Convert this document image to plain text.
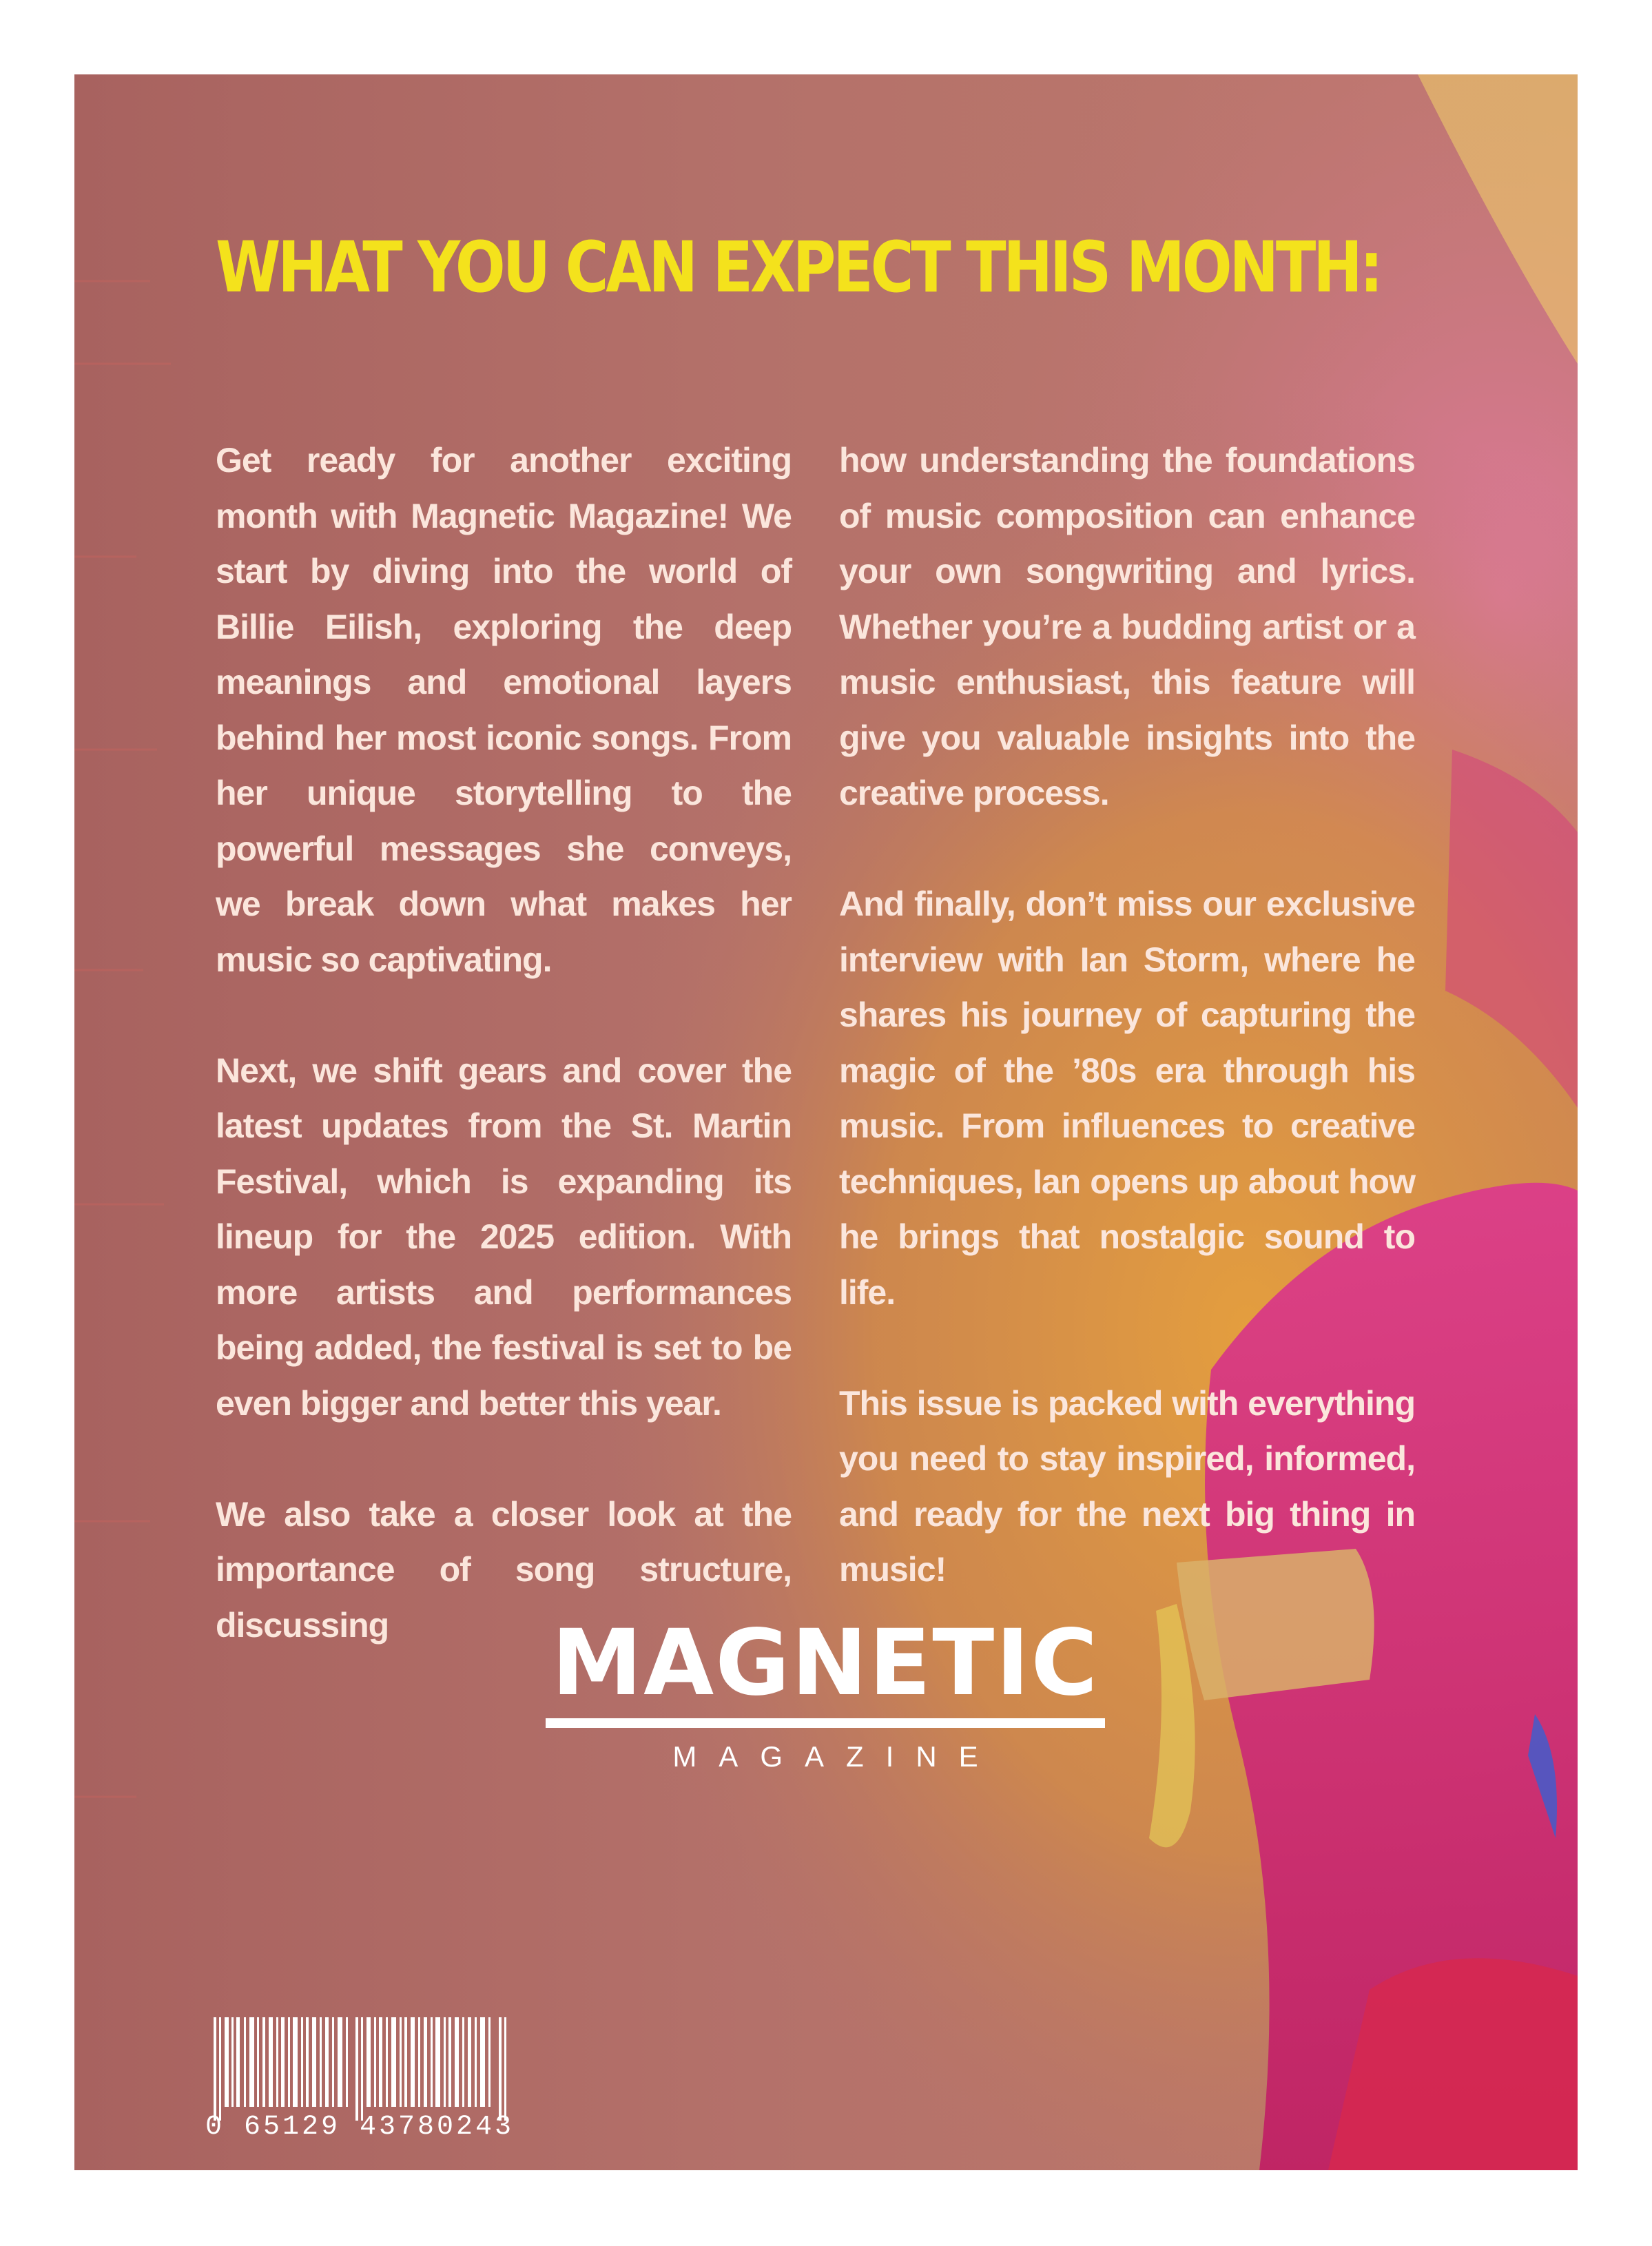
WHAT YOU CAN EXPECT THIS MONTH:

Get ready for another exciting month with Magnetic Magazine! We start by diving into the world of Billie Eilish, exploring the deep meanings and emotional layers behind her most iconic songs. From her unique storytelling to the powerful messages she conveys, we break down what makes her music so captivating.

Next, we shift gears and cover the latest updates from the St. Martin Festival, which is expanding its lineup for the 2025 edition. With more artists and performances being added, the festival is set to be even bigger and better this year.

We also take a closer look at the importance of song structure, discussing

how understanding the foundations of music composition can enhance your own songwriting and lyrics. Whether you’re a budding artist or a music enthusiast, this feature will give you valuable insights into the creative process.

And finally, don’t miss our exclusive interview with Ian Storm, where he shares his journey of capturing the magic of the ’80s era through his music. From influences to creative techniques, Ian opens up about how he brings that nostalgic sound to life.

This issue is packed with everything you need to stay inspired, informed, and ready for the next big thing in music!

MAGNETIC
MAGAZINE
0 65129 43780243
